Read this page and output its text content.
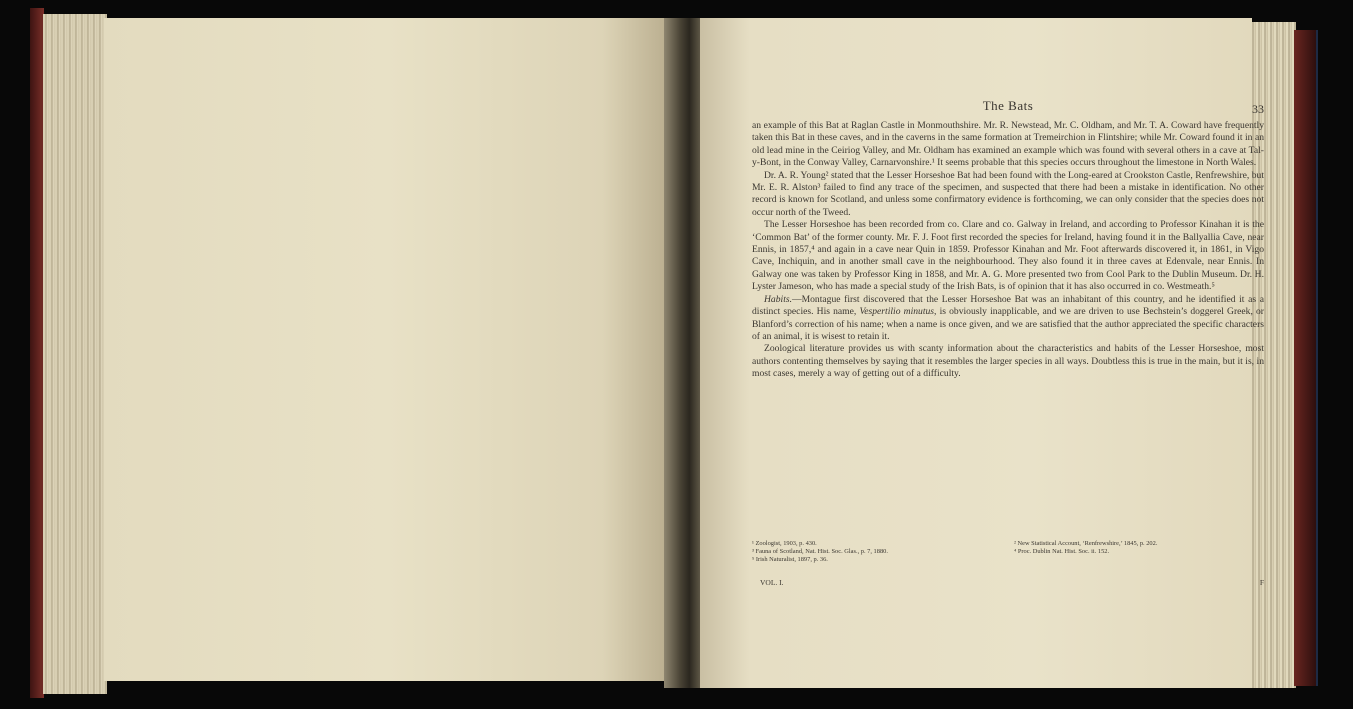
The Bats	33

an example of this Bat at Raglan Castle in Monmouthshire. Mr. R. Newstead, Mr. C. Oldham, and Mr. T. A. Coward have frequently taken this Bat in these caves, and in the caverns in the same formation at Tremeirchion in Flintshire; while Mr. Coward found it in an old lead mine in the Ceiriog Valley, and Mr. Oldham has examined an example which was found with several others in a cave at Tal-y-Bont, in the Conway Valley, Carnarvonshire.¹ It seems probable that this species occurs throughout the limestone in North Wales.

Dr. A. R. Young² stated that the Lesser Horseshoe Bat had been found with the Long-eared at Crookston Castle, Renfrewshire, but Mr. E. R. Alston³ failed to find any trace of the specimen, and suspected that there had been a mistake in identification. No other record is known for Scotland, and unless some confirmatory evidence is forthcoming, we can only consider that the species does not occur north of the Tweed.

The Lesser Horseshoe has been recorded from co. Clare and co. Galway in Ireland, and according to Professor Kinahan it is the ‘Common Bat’ of the former county. Mr. F. J. Foot first recorded the species for Ireland, having found it in the Ballyallia Cave, near Ennis, in 1857,⁴ and again in a cave near Quin in 1859. Professor Kinahan and Mr. Foot afterwards discovered it, in 1861, in Vigo Cave, Inchiquin, and in another small cave in the neighbourhood. They also found it in three caves at Edenvale, near Ennis. In Galway one was taken by Professor King in 1858, and Mr. A. G. More presented two from Cool Park to the Dublin Museum. Dr. H. Lyster Jameson, who has made a special study of the Irish Bats, is of opinion that it has also occurred in co. Westmeath.⁵

Habits.—Montague first discovered that the Lesser Horseshoe Bat was an inhabitant of this country, and he identified it as a distinct species. His name, Vespertilio minutus, is obviously inapplicable, and we are driven to use Bechstein’s doggerel Greek, or Blanford’s correction of his name; when a name is once given, and we are satisfied that the author appreciated the specific characters of an animal, it is wisest to retain it.

Zoological literature provides us with scanty information about the characteristics and habits of the Lesser Horseshoe, most authors contenting themselves by saying that it resembles the larger species in all ways. Doubtless this is true in the main, but it is, in most cases, merely a way of getting out of a difficulty.

¹ Zoologist, 1903, p. 430.	² New Statistical Account, ‘Renfrewshire,’ 1845, p. 202.
³ Fauna of Scotland, Nat. Hist. Soc. Glas., p. 7, 1880.	⁴ Proc. Dublin Nat. Hist. Soc. ii. 152.
⁵ Irish Naturalist, 1897, p. 36.
VOL. I.	F
